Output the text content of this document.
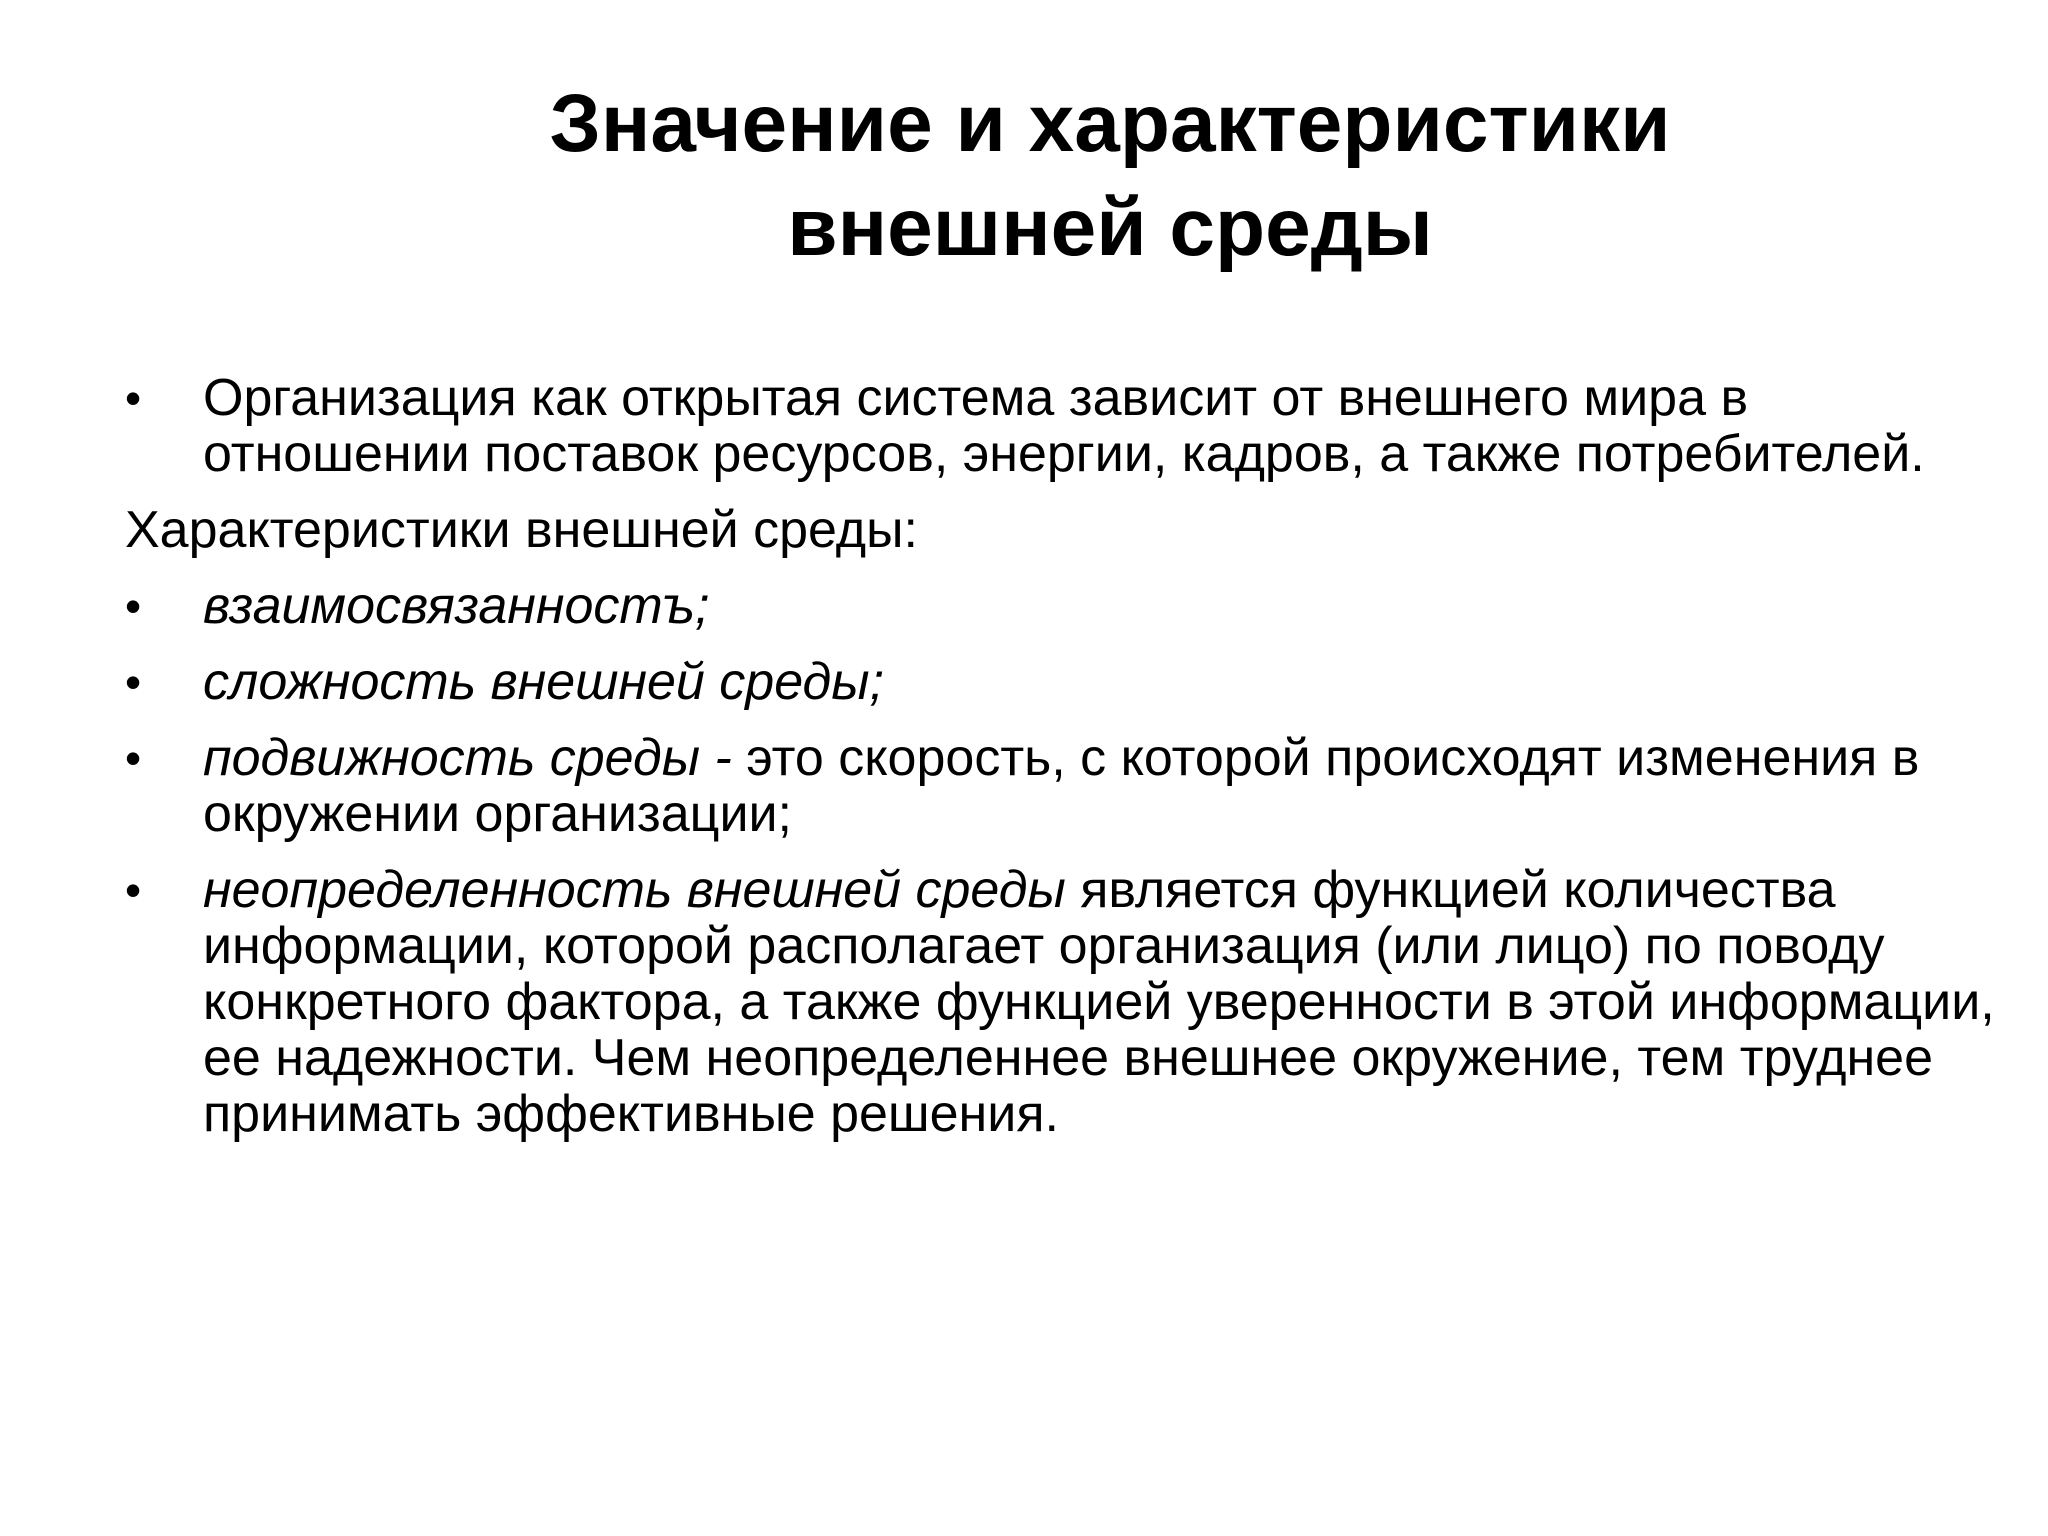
Значение и характеристики
внешней среды

•	Организация как открытая система зависит от внешнего мира в отношении поставок ресурсов, энергии, кадров, а также потребителей.

Характеристики внешней среды:

•	взаимосвязанностъ;

•	сложность внешней среды;

•	подвижность среды - это скорость, с которой происходят изменения в окружении организации;

•	неопределенность внешней среды является функцией количества информации, которой располагает организация (или лицо) по поводу конкретного фактора, а также функцией уверенности в этой информации, ее надежности. Чем неопределеннее внешнее окружение, тем труднее принимать эффективные решения.
